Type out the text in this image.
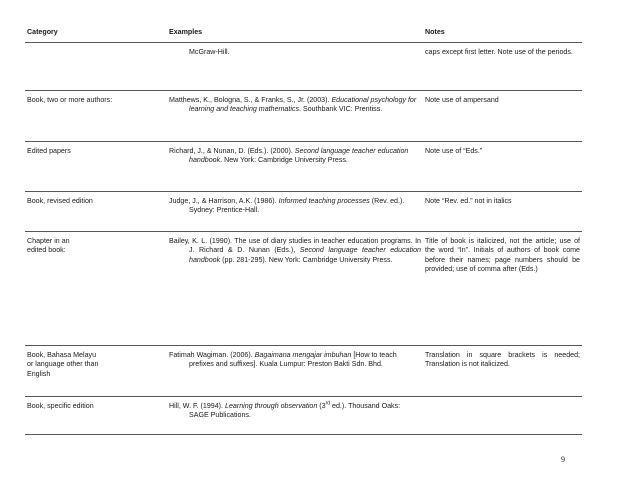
Category	Examples	Notes

	McGraw-Hill.	caps except first letter. Note use of the periods.

Book, two or more authors:	Matthews, K., Bologna, S., & Franks, S., Jr. (2003). Educational psychology for learning and teaching mathematics. Southbank VIC: Prentiss.	Note use of ampersand

Edited papers	Richard, J., & Nunan, D. (Eds.). (2000). Second language teacher education handbook. New York: Cambridge University Press.	Note use of “Eds.”

Book, revised edition	Judge, J., & Harrison, A.K. (1986). Informed teaching processes (Rev. ed.). Sydney: Prentice-Hall.	Note “Rev. ed.” not in italics

Chapter in an
edited book:	Bailey, K. L. (1990). The use of diary studies in teacher education programs. In J. Richard & D. Nunan (Eds.), Second language teacher education handbook (pp. 281-295). New York: Cambridge University Press.	Title of book is italicized, not the article; use of the word “In”. Initials of authors of book come before their names; page numbers should be provided; use of comma after (Eds.)

Book, Bahasa Melayu
or language other than
English	Fatimah Wagiman. (2006). Bagaimana mengajar imbuhan [How to teach prefixes and suffixes]. Kuala Lumpur: Preston Bakti Sdn. Bhd.	Translation in square brackets is needed; Translation is not italicized.

Book, specific edition	Hill, W. F. (1994). Learning through observation (3rd ed.). Thousand Oaks: SAGE Publications.	

9
